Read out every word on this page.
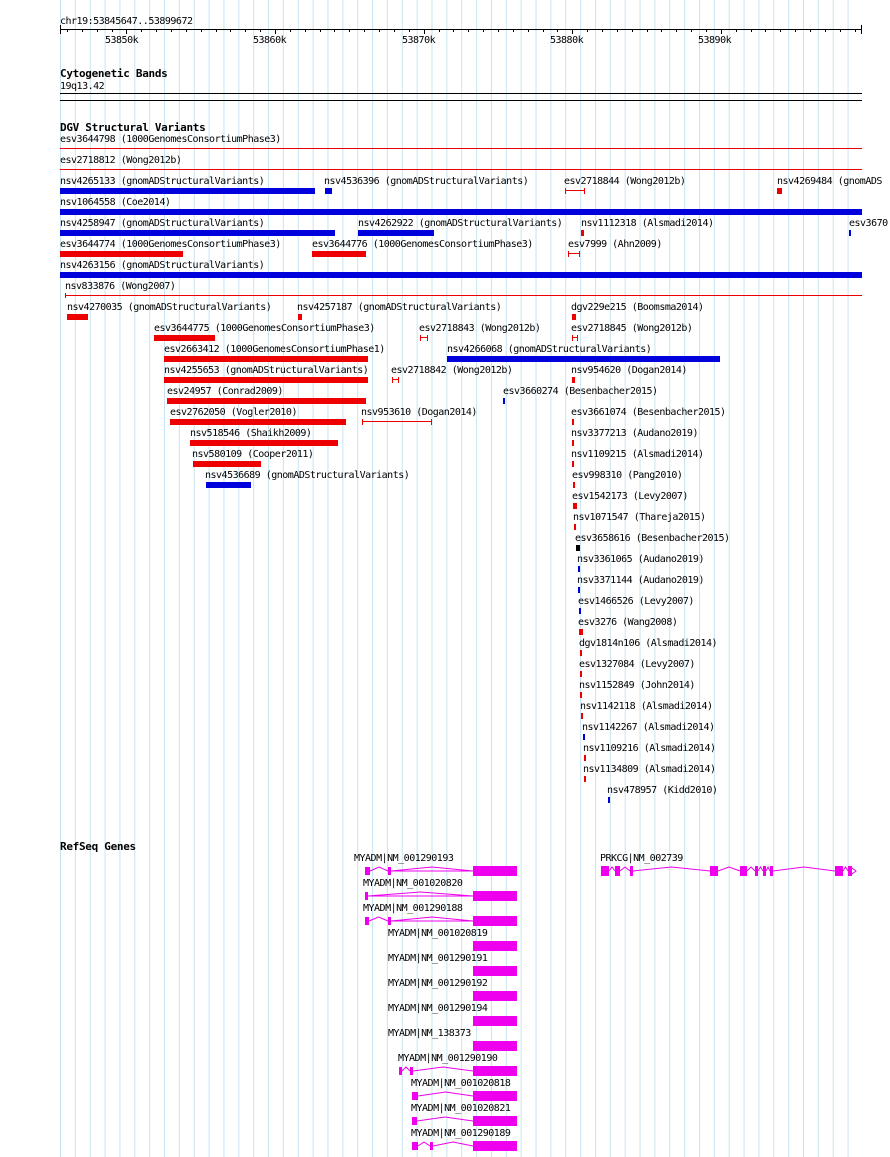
chr19:53845647..53899672
53850k	53860k	53870k	53880k	53890k
Cytogenetic Bands
19q13.42
DGV Structural Variants
esv3644798 (1000GenomesConsortiumPhase3)
esv2718812 (Wong2012b)
nsv4265133 (gnomADStructuralVariants)	nsv4536396 (gnomADStructuralVariants)	esv2718844 (Wong2012b)	nsv4269484 (gnomADS
nsv1064558 (Coe2014)
nsv4258947 (gnomADStructuralVariants)	nsv4262922 (gnomADStructuralVariants) nsv1112318 (Alsmadi2014)	esv3670
esv3644774 (1000GenomesConsortiumPhase3)	esv3644776 (1000GenomesConsortiumPhase3)	esv7999 (Ahn2009)
nsv4263156 (gnomADStructuralVariants)
nsv833876 (Wong2007)
nsv4270035 (gnomADStructuralVariants)	nsv4257187 (gnomADStructuralVariants)	dgv229e215 (Boomsma2014)
esv3644775 (1000GenomesConsortiumPhase3)	esv2718843 (Wong2012b)	esv2718845 (Wong2012b)
esv2663412 (1000GenomesConsortiumPhase1)	nsv4266068 (gnomADStructuralVariants)
nsv4255653 (gnomADStructuralVariants) esv2718842 (Wong2012b)	nsv954620 (Dogan2014)
esv24957 (Conrad2009)	esv3660274 (Besenbacher2015)
esv2762050 (Vogler2010)	nsv953610 (Dogan2014)	esv3661074 (Besenbacher2015)
nsv518546 (Shaikh2009)	nsv3377213 (Audano2019)
nsv580109 (Cooper2011)	nsv1109215 (Alsmadi2014)
nsv4536689 (gnomADStructuralVariants)	esv998310 (Pang2010)
esv1542173 (Levy2007)
nsv1071547 (Thareja2015)
esv3658616 (Besenbacher2015)
nsv3361065 (Audano2019)
nsv3371144 (Audano2019)
esv1466526 (Levy2007)
esv3276 (Wang2008)
dgv1814n106 (Alsmadi2014)
esv1327084 (Levy2007)
nsv1152849 (John2014)
nsv1142118 (Alsmadi2014)
nsv1142267 (Alsmadi2014)
nsv1109216 (Alsmadi2014)
nsv1134809 (Alsmadi2014)
nsv478957 (Kidd2010)
RefSeq Genes
MYADM|NM_001290193
MYADM|NM_001020820
MYADM|NM_001290188
MYADM|NM_001020819
MYADM|NM_001290191
MYADM|NM_001290192
MYADM|NM_001290194
MYADM|NM_138373
MYADM|NM_001290190
MYADM|NM_001020818
MYADM|NM_001020821
MYADM|NM_001290189
PRKCG|NM_002739
